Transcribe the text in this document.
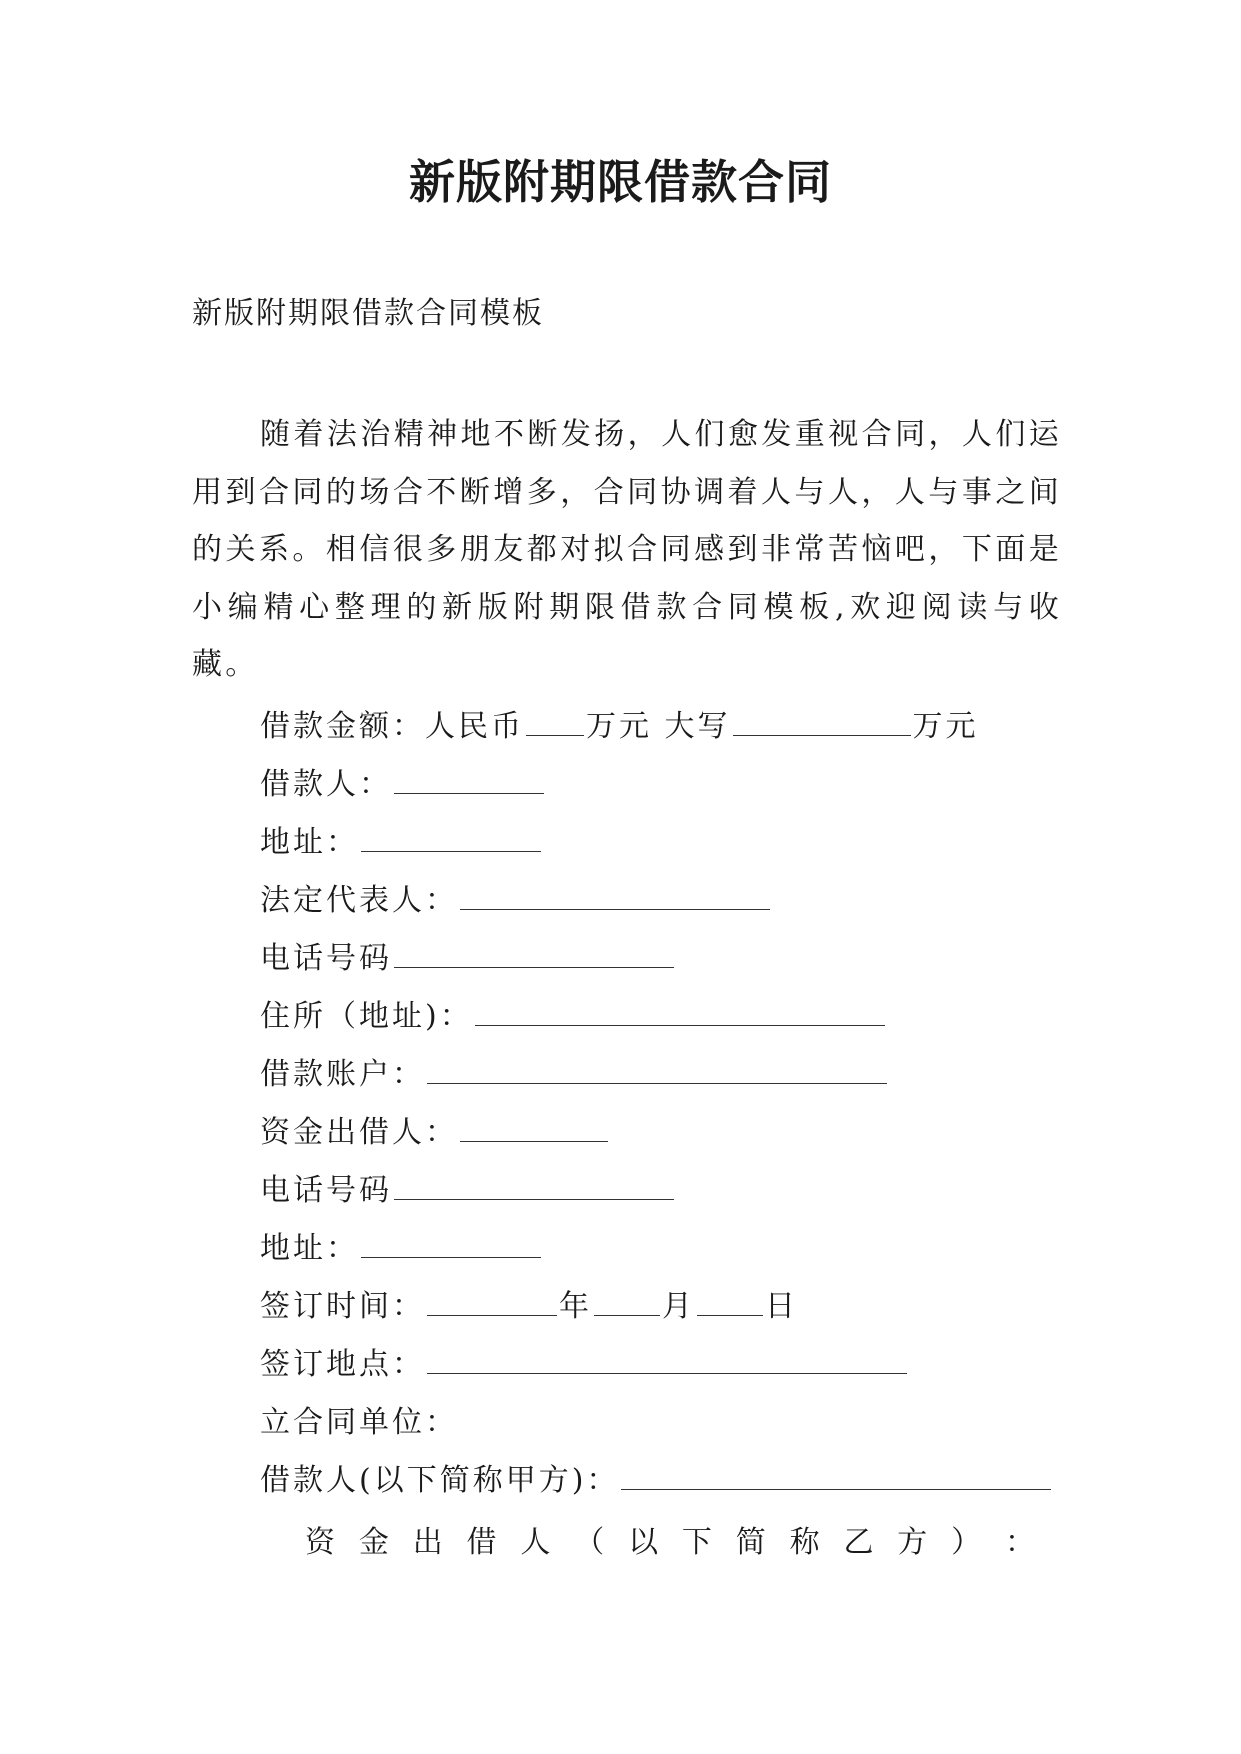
新版附期限借款合同
新版附期限借款合同模板
随着法治精神地不断发扬，人们愈发重视合同，人们运用到合同的场合不断增多，合同协调着人与人，人与事之间的关系。相信很多朋友都对拟合同感到非常苦恼吧，下面是小编精心整理的新版附期限借款合同模板,欢迎阅读与收藏。
借款金额：人民币 万元 大写	万元
借款人：
地址：
法定代表人：
电话号码
住所（地址)：
借款账户：
资金出借人：
电话号码
地址：
签订时间：	年 月 日
签订地点：
立合同单位：
借款人(以下简称甲方)：
资 金 出 借 人 （ 以 下 简 称 乙 方 ） ：
